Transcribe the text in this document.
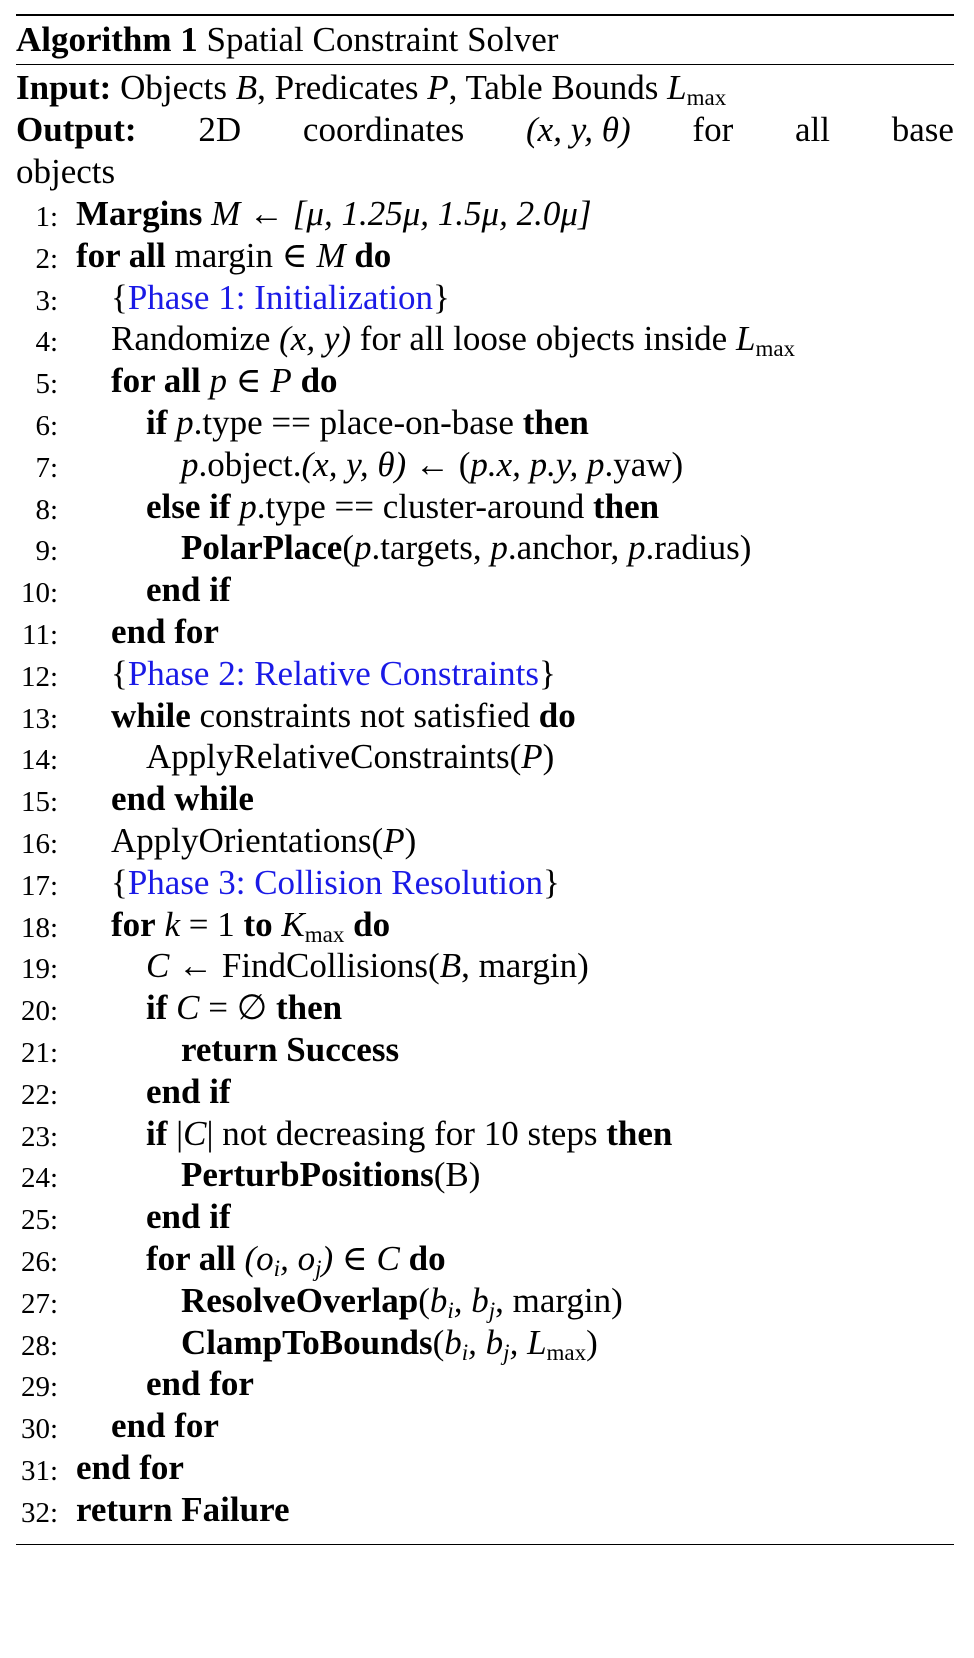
Algorithm 1 Spatial Constraint Solver
Input: Objects B, Predicates P, Table Bounds $L_{max}$
Output: 2D coordinates (x, y, θ) for all base
objects
1: Margins M ← [μ, 1.25μ, 1.5μ, 2.0μ]
2: for all margin ∈ M do
3: {Phase 1: Initialization}
4: Randomize (x, y) for all loose objects inside $L_{max}$
5: for all p ∈ P do
6:	if p.type == place-on-base then
7:	p.object.(x, y, θ) ← (p.x, p.y, p.yaw)
8:	else if p.type == cluster-around then
9:	PolarPlace(p.targets, p.anchor, p.radius)
10:	end if
11: end for
12: {Phase 2: Relative Constraints}
13: while constraints not satisfied do
14:	ApplyRelativeConstraints(P)
15: end while
16: ApplyOrientations(P)
17: {Phase 3: Collision Resolution}
18: for k = 1 to $K_{max}$ do
19:	C ← FindCollisions(B, margin)
20:	if C = ∅ then
21:	return Success
22:	end if
23:	if |C| not decreasing for 10 steps then
24:	PerturbPositions(B)
25:	end if
26:	for all ($o_i$, $o_j$) ∈ C do
27:	$ResolveOverlap(b_i$, $b_j$, margin)
28:	$ClampToBounds(b_i$, $b_j$, $L_{max}$)
29:	end for
30: end for
31: end for
32: return Failure
